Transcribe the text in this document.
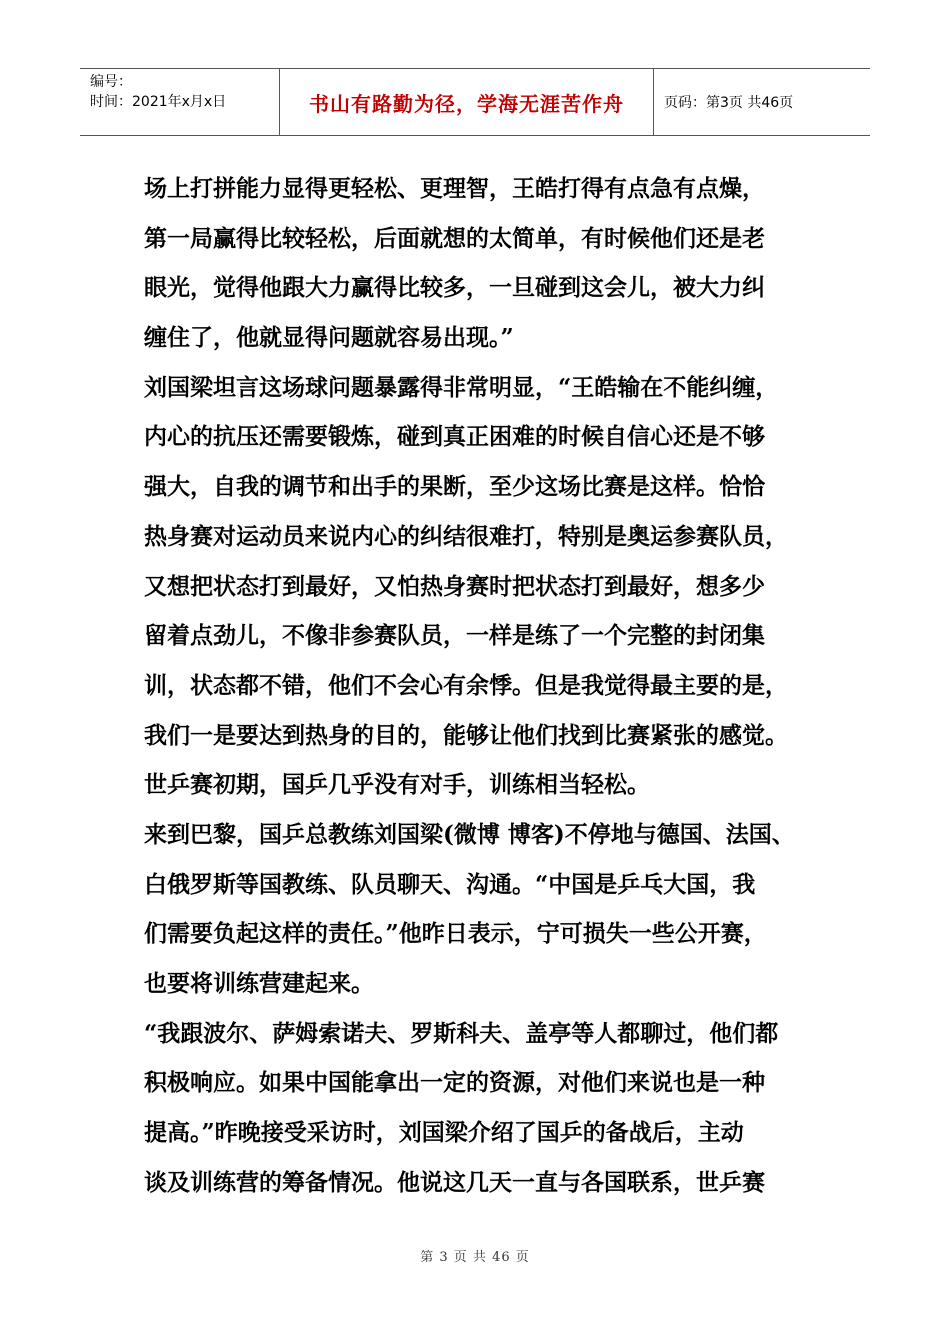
编号：
时间：2021年x月x日	书山有路勤为径，学海无涯苦作舟	页码：第3页 共46页
场上打拼能力显得更轻松、更理智，王皓打得有点急有点燥，
第一局赢得比较轻松，后面就想的太简单，有时候他们还是老
眼光，觉得他跟大力赢得比较多，一旦碰到这会儿，被大力纠
缠住了，他就显得问题就容易出现。”
刘国梁坦言这场球问题暴露得非常明显，“王皓输在不能纠缠，
内心的抗压还需要锻炼，碰到真正困难的时候自信心还是不够
强大，自我的调节和出手的果断，至少这场比赛是这样。恰恰
热身赛对运动员来说内心的纠结很难打，特别是奥运参赛队员，
又想把状态打到最好，又怕热身赛时把状态打到最好，想多少
留着点劲儿，不像非参赛队员，一样是练了一个完整的封闭集
训，状态都不错，他们不会心有余悸。但是我觉得最主要的是，
我们一是要达到热身的目的，能够让他们找到比赛紧张的感觉。
世乒赛初期，国乒几乎没有对手，训练相当轻松。
来到巴黎，国乒总教练刘国梁(微博 博客)不停地与德国、法国、
白俄罗斯等国教练、队员聊天、沟通。“中国是乒乓大国，我
们需要负起这样的责任。”他昨日表示，宁可损失一些公开赛，
也要将训练营建起来。
“我跟波尔、萨姆索诺夫、罗斯科夫、盖亭等人都聊过，他们都
积极响应。如果中国能拿出一定的资源，对他们来说也是一种
提高。”昨晚接受采访时，刘国梁介绍了国乒的备战后，主动
谈及训练营的筹备情况。他说这几天一直与各国联系，世乒赛
第 3 页 共 46 页
